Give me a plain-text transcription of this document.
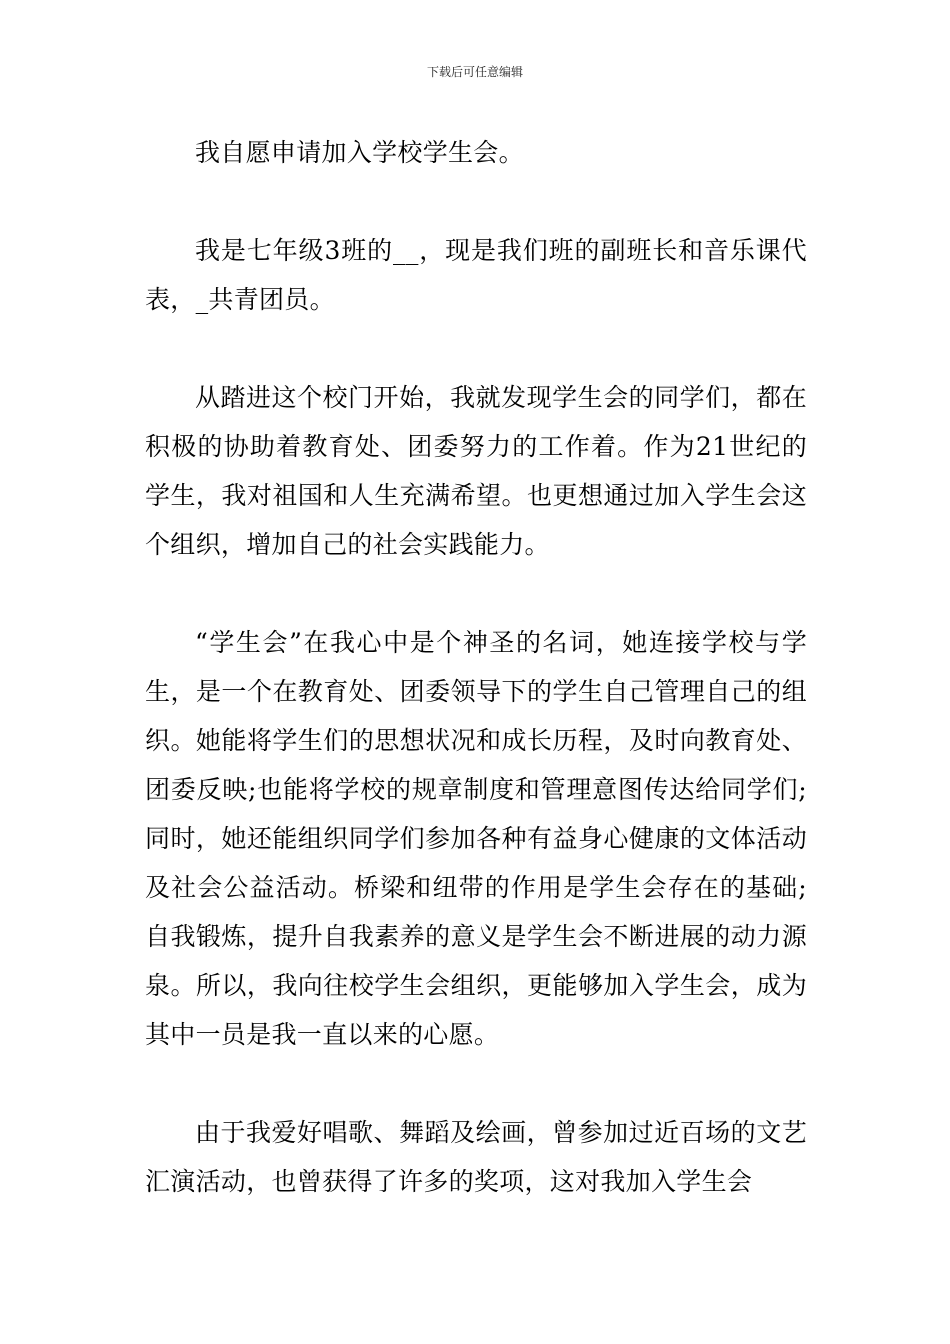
下载后可任意编辑

我自愿申请加入学校学生会。

我是七年级3班的__，现是我们班的副班长和音乐课代表，_共青团员。

从踏进这个校门开始，我就发现学生会的同学们，都在积极的协助着教育处、团委努力的工作着。作为21世纪的学生，我对祖国和人生充满希望。也更想通过加入学生会这个组织，增加自己的社会实践能力。

“学生会”在我心中是个神圣的名词，她连接学校与学生，是一个在教育处、团委领导下的学生自己管理自己的组织。她能将学生们的思想状况和成长历程，及时向教育处、团委反映;也能将学校的规章制度和管理意图传达给同学们;同时，她还能组织同学们参加各种有益身心健康的文体活动及社会公益活动。桥梁和纽带的作用是学生会存在的基础;自我锻炼，提升自我素养的意义是学生会不断进展的动力源泉。所以，我向往校学生会组织，更能够加入学生会，成为其中一员是我一直以来的心愿。

由于我爱好唱歌、舞蹈及绘画，曾参加过近百场的文艺汇演活动，也曾获得了许多的奖项，这对我加入学生会
